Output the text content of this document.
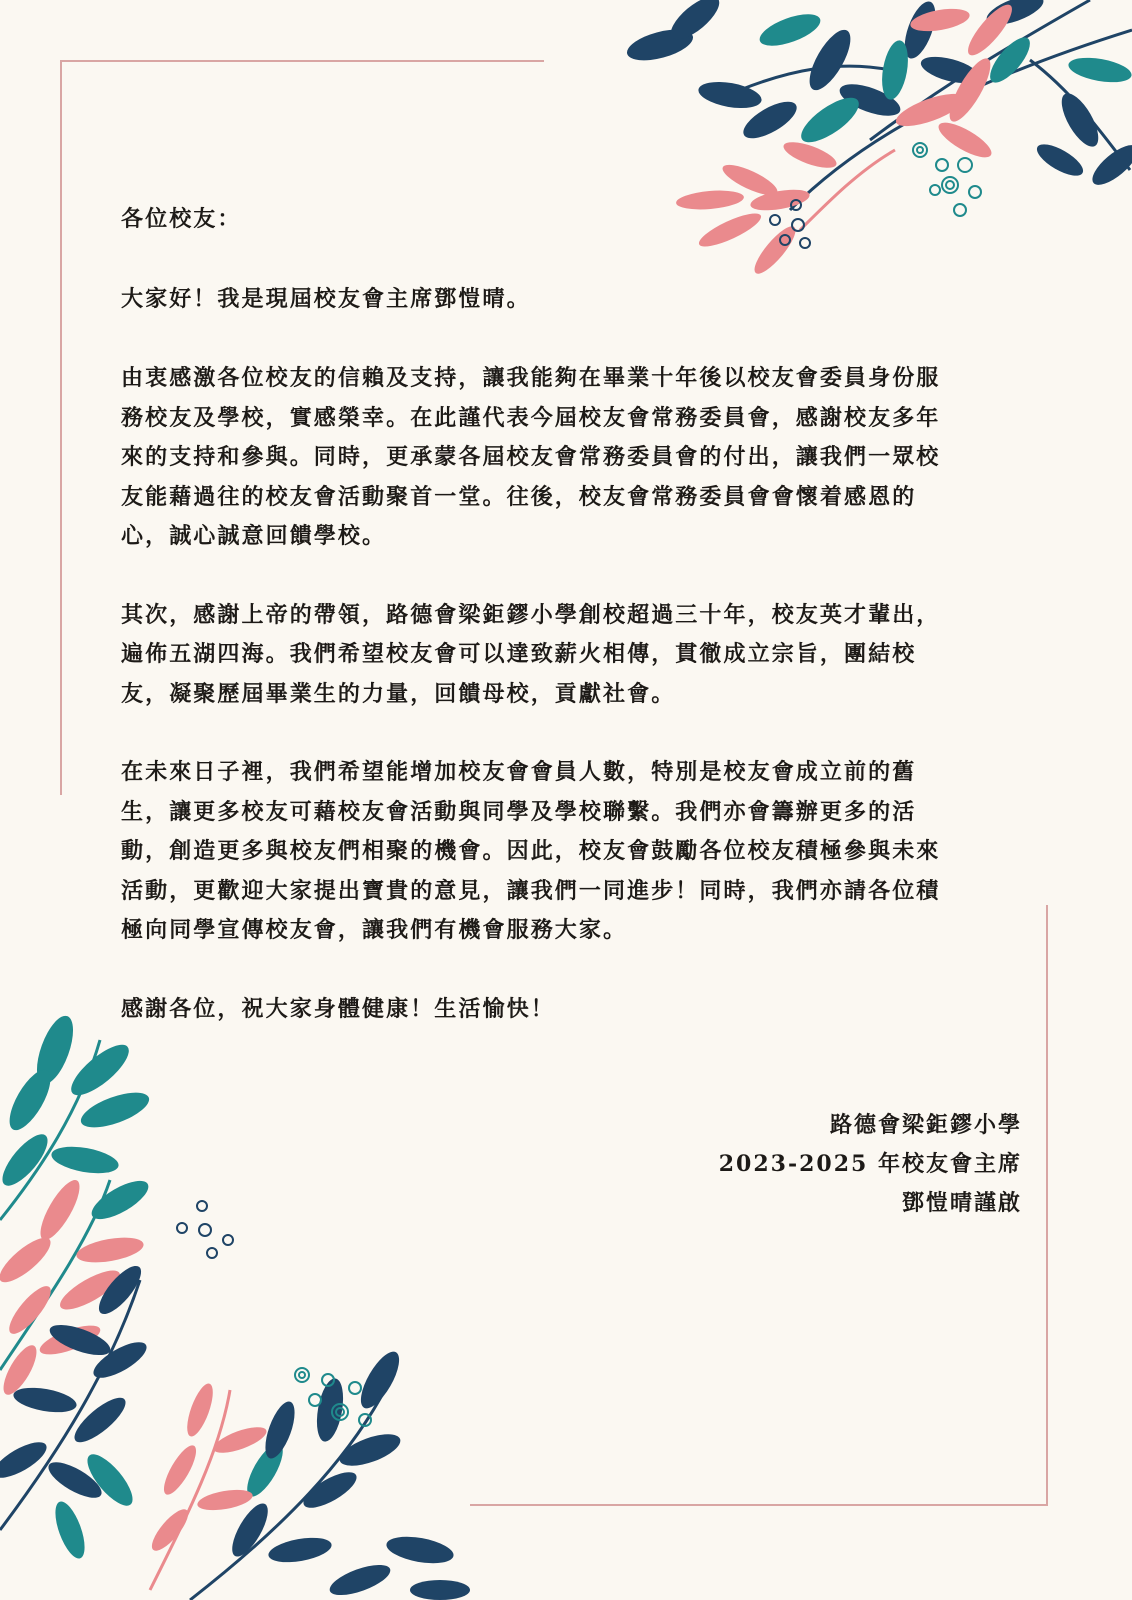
各位校友：

大家好！我是現屆校友會主席鄧愷晴。

由衷感激各位校友的信賴及支持，讓我能夠在畢業十年後以校友會委員身份服
務校友及學校，實感榮幸。在此謹代表今屆校友會常務委員會，感謝校友多年
來的支持和參與。同時，更承蒙各屆校友會常務委員會的付出，讓我們一眾校
友能藉過往的校友會活動聚首一堂。往後，校友會常務委員會會懷着感恩的
心，誠心誠意回饋學校。

其次，感謝上帝的帶領，路德會梁鉅鏐小學創校超過三十年，校友英才輩出，
遍佈五湖四海。我們希望校友會可以達致薪火相傳，貫徹成立宗旨，團結校
友，凝聚歷屆畢業生的力量，回饋母校，貢獻社會。

在未來日子裡，我們希望能增加校友會會員人數，特別是校友會成立前的舊
生，讓更多校友可藉校友會活動與同學及學校聯繫。我們亦會籌辦更多的活
動，創造更多與校友們相聚的機會。因此，校友會鼓勵各位校友積極參與未來
活動，更歡迎大家提出寶貴的意見，讓我們一同進步！同時，我們亦請各位積
極向同學宣傳校友會，讓我們有機會服務大家。

感謝各位，祝大家身體健康！生活愉快！

路德會梁鉅鏐小學
2023-2025 年校友會主席
鄧愷晴謹啟
